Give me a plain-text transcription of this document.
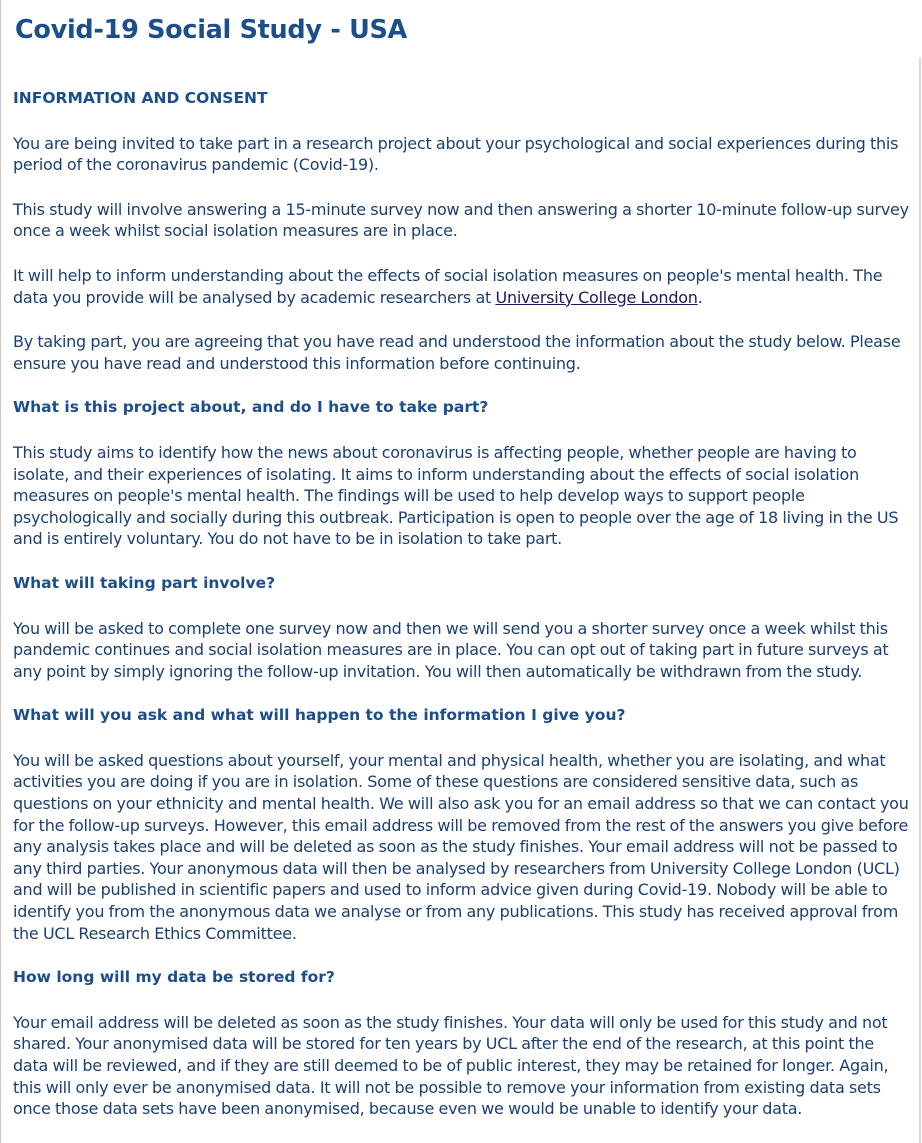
Covid-19 Social Study - USA
INFORMATION AND CONSENT

You are being invited to take part in a research project about your psychological and social experiences during this period of the coronavirus pandemic (Covid-19).

This study will involve answering a 15-minute survey now and then answering a shorter 10-minute follow-up survey once a week whilst social isolation measures are in place.

It will help to inform understanding about the effects of social isolation measures on people's mental health. The data you provide will be analysed by academic researchers at University College London.

By taking part, you are agreeing that you have read and understood the information about the study below. Please ensure you have read and understood this information before continuing.

What is this project about, and do I have to take part?

This study aims to identify how the news about coronavirus is affecting people, whether people are having to isolate, and their experiences of isolating. It aims to inform understanding about the effects of social isolation measures on people's mental health. The findings will be used to help develop ways to support people psychologically and socially during this outbreak. Participation is open to people over the age of 18 living in the US and is entirely voluntary. You do not have to be in isolation to take part.

What will taking part involve?

You will be asked to complete one survey now and then we will send you a shorter survey once a week whilst this pandemic continues and social isolation measures are in place. You can opt out of taking part in future surveys at any point by simply ignoring the follow-up invitation. You will then automatically be withdrawn from the study.

What will you ask and what will happen to the information I give you?

You will be asked questions about yourself, your mental and physical health, whether you are isolating, and what activities you are doing if you are in isolation. Some of these questions are considered sensitive data, such as questions on your ethnicity and mental health. We will also ask you for an email address so that we can contact you for the follow-up surveys. However, this email address will be removed from the rest of the answers you give before any analysis takes place and will be deleted as soon as the study finishes. Your email address will not be passed to any third parties. Your anonymous data will then be analysed by researchers from University College London (UCL) and will be published in scientific papers and used to inform advice given during Covid-19. Nobody will be able to identify you from the anonymous data we analyse or from any publications. This study has received approval from the UCL Research Ethics Committee.

How long will my data be stored for?

Your email address will be deleted as soon as the study finishes. Your data will only be used for this study and not shared. Your anonymised data will be stored for ten years by UCL after the end of the research, at this point the data will be reviewed, and if they are still deemed to be of public interest, they may be retained for longer. Again, this will only ever be anonymised data. It will not be possible to remove your information from existing data sets once those data sets have been anonymised, because even we would be unable to identify your data.
